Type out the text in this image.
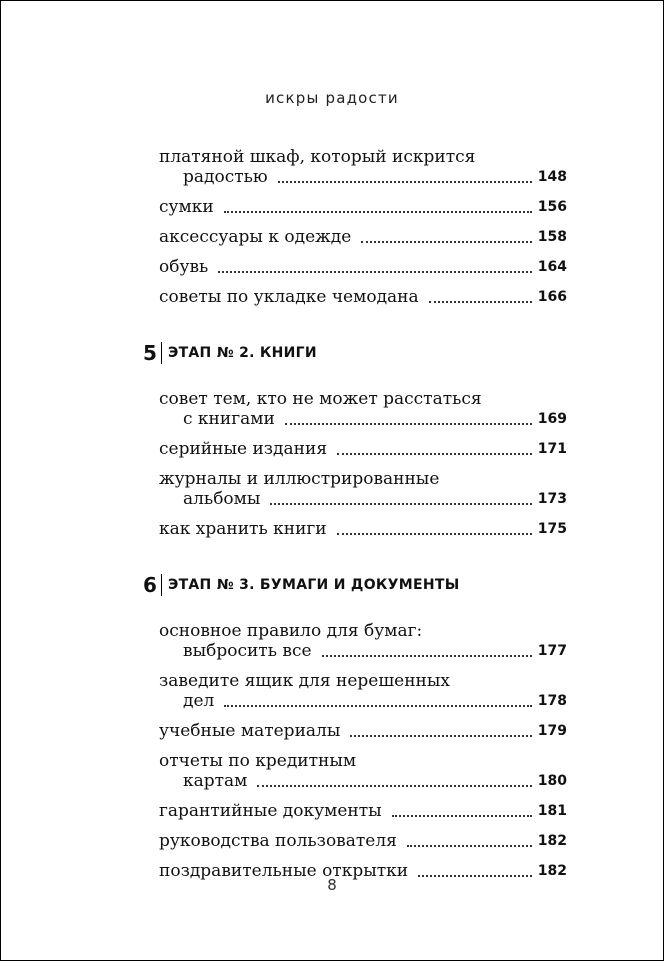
искры радости
платяной шкаф, который искрится
радостью	148
сумки	156
аксессуары к одежде	158
обувь	164
советы по укладке чемодана	166
5 ЭТАП № 2. КНИГИ
совет тем, кто не может расстаться
с книгами	169
серийные издания	171
журналы и иллюстрированные
альбомы	173
как хранить книги	175
6 ЭТАП № 3. БУМАГИ И ДОКУМЕНТЫ
основное правило для бумаг:
выбросить все	177
заведите ящик для нерешенных
дел	178
учебные материалы	179
отчеты по кредитным
картам	180
гарантийные документы	181
руководства пользователя	182
поздравительные открытки	182
8
